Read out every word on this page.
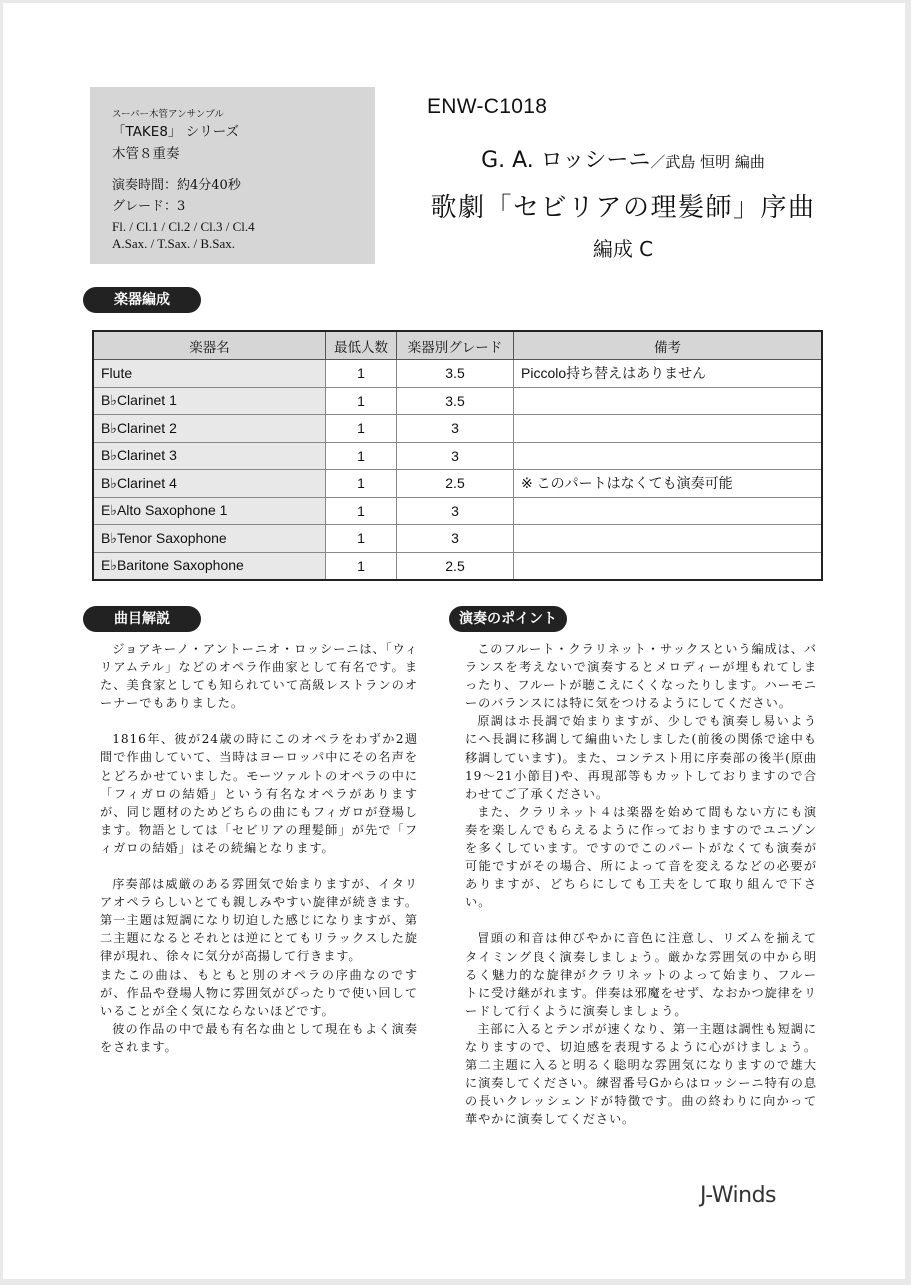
スーパー木管アンサンブル
「TAKE8」 シリーズ
木管８重奏
演奏時間：約4分40秒
グレード：3
Fl. / Cl.1 / Cl.2 / Cl.3 / Cl.4
A.Sax. / T.Sax. / B.Sax.
ENW-C1018
G. A. ロッシーニ／武島 恒明 編曲
歌劇「セビリアの理髪師」序曲
編成 C
楽器編成
楽器名	最低人数	楽器別グレード	備考
Flute	1	3.5	Piccolo持ち替えはありません
B♭Clarinet 1	1	3.5	
B♭Clarinet 2	1	3	
B♭Clarinet 3	1	3	
B♭Clarinet 4	1	2.5	※ このパートはなくても演奏可能
E♭Alto Saxophone 1	1	3	
B♭Tenor Saxophone	1	3	
E♭Baritone Saxophone	1	2.5	
曲目解説

ジョアキーノ・アントーニオ・ロッシーニは、「ウィリアムテル」などのオペラ作曲家として有名です。また、美食家としても知られていて高級レストランのオーナーでもありました。

1816年、彼が24歳の時にこのオペラをわずか2週間で作曲していて、当時はヨーロッパ中にその名声をとどろかせていました。モーツァルトのオペラの中に「フィガロの結婚」という有名なオペラがありますが、同じ題材のためどちらの曲にもフィガロが登場します。物語としては「セビリアの理髪師」が先で「フィガロの結婚」はその続編となります。

序奏部は威厳のある雰囲気で始まりますが、イタリアオペラらしいとても親しみやすい旋律が続きます。第一主題は短調になり切迫した感じになりますが、第二主題になるとそれとは逆にとてもリラックスした旋律が現れ、徐々に気分が高揚して行きます。

またこの曲は、もともと別のオペラの序曲なのですが、作品や登場人物に雰囲気がぴったりで使い回していることが全く気にならないほどです。

彼の作品の中で最も有名な曲として現在もよく演奏をされます。

演奏のポイント

このフルート・クラリネット・サックスという編成は、バランスを考えないで演奏するとメロディーが埋もれてしまったり、フルートが聴こえにくくなったりします。ハーモニーのバランスには特に気をつけるようにしてください。

原調はホ長調で始まりますが、少しでも演奏し易いようにヘ長調に移調して編曲いたしました(前後の関係で途中も移調しています)。また、コンテスト用に序奏部の後半(原曲19〜21小節目)や、再現部等もカットしておりますので合わせてご了承ください。

また、クラリネット４は楽器を始めて間もない方にも演奏を楽しんでもらえるように作っておりますのでユニゾンを多くしています。ですのでこのパートがなくても演奏が可能ですがその場合、所によって音を変えるなどの必要がありますが、どちらにしても工夫をして取り組んで下さい。

冒頭の和音は伸びやかに音色に注意し、リズムを揃えてタイミング良く演奏しましょう。厳かな雰囲気の中から明るく魅力的な旋律がクラリネットのよって始まり、フルートに受け継がれます。伴奏は邪魔をせず、なおかつ旋律をリードして行くように演奏しましょう。

主部に入るとテンポが速くなり、第一主題は調性も短調になりますので、切迫感を表現するように心がけましょう。第二主題に入ると明るく聡明な雰囲気になりますので雄大に演奏してください。練習番号Gからはロッシーニ特有の息の長いクレッシェンドが特徴です。曲の終わりに向かって華やかに演奏してください。

J-Winds
